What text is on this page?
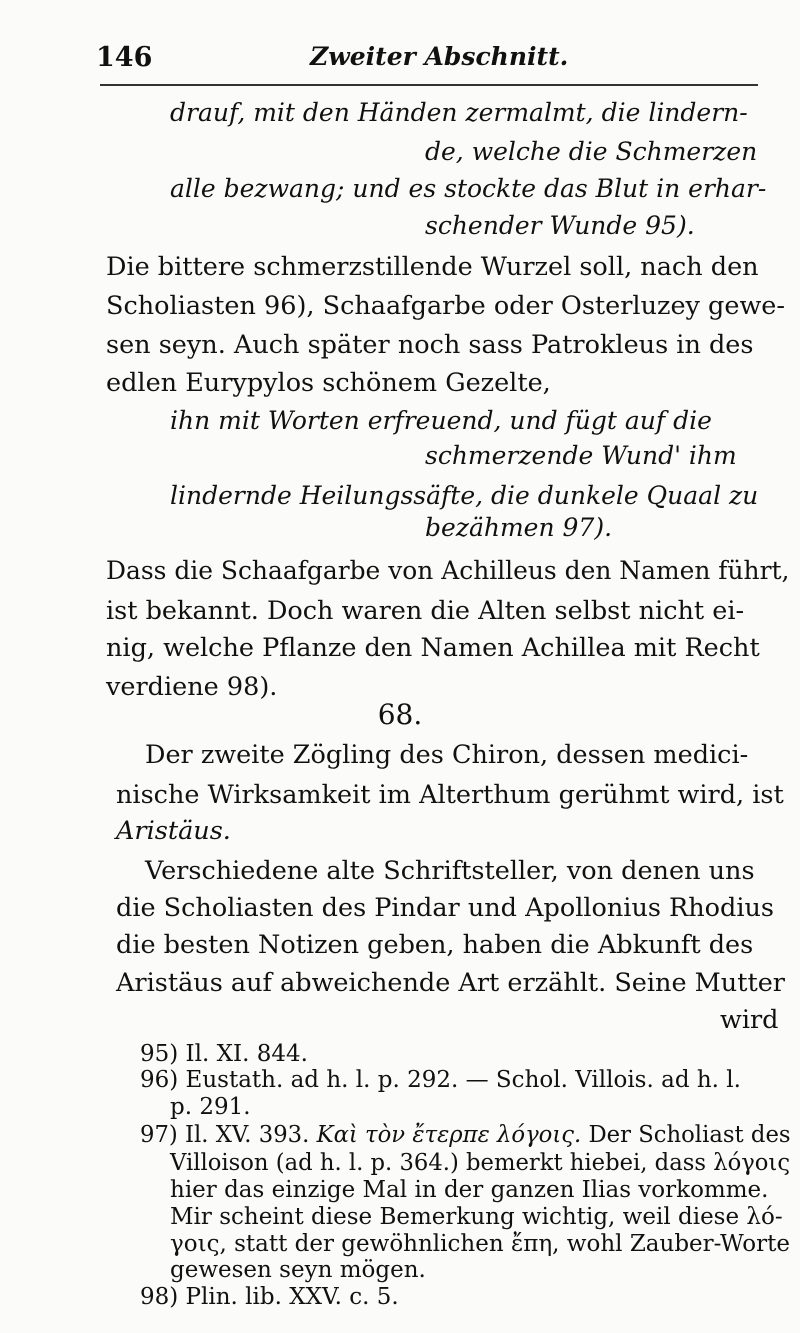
146	Zweiter Abschnitt.
drauf, mit den Händen zermalmt, die lindern-
de, welche die Schmerzen
alle bezwang; und es stockte das Blut in erhar-
schender Wunde 95).
Die bittere schmerzstillende Wurzel soll, nach den
Scholiasten 96), Schaafgarbe oder Osterluzey gewe-
sen seyn. Auch später noch sass Patrokleus in des
edlen Eurypylos schönem Gezelte,
ihn mit Worten erfreuend, und fügt auf die
schmerzende Wund' ihm
lindernde Heilungssäfte, die dunkele Quaal zu
bezähmen 97).
Dass die Schaafgarbe von Achilleus den Namen führt,
ist bekannt. Doch waren die Alten selbst nicht ei-
nig, welche Pflanze den Namen Achillea mit Recht
verdiene 98).
68.
Der zweite Zögling des Chiron, dessen medici-
nische Wirksamkeit im Alterthum gerühmt wird, ist
Aristäus.
Verschiedene alte Schriftsteller, von denen uns
die Scholiasten des Pindar und Apollonius Rhodius
die besten Notizen geben, haben die Abkunft des
Aristäus auf abweichende Art erzählt. Seine Mutter
wird
95) Il. XI. 844.
96) Eustath. ad h. l. p. 292. — Schol. Villois. ad h. l.
p. 291.
97) Il. XV. 393. Καὶ τὸν ἔτερπε λόγοις. Der Scholiast des
Villoison (ad h. l. p. 364.) bemerkt hiebei, dass λόγοις
hier das einzige Mal in der ganzen Ilias vorkomme.
Mir scheint diese Bemerkung wichtig, weil diese λό-
γοις, statt der gewöhnlichen ἔπη, wohl Zauber-Worte
gewesen seyn mögen.
98) Plin. lib. XXV. c. 5.
